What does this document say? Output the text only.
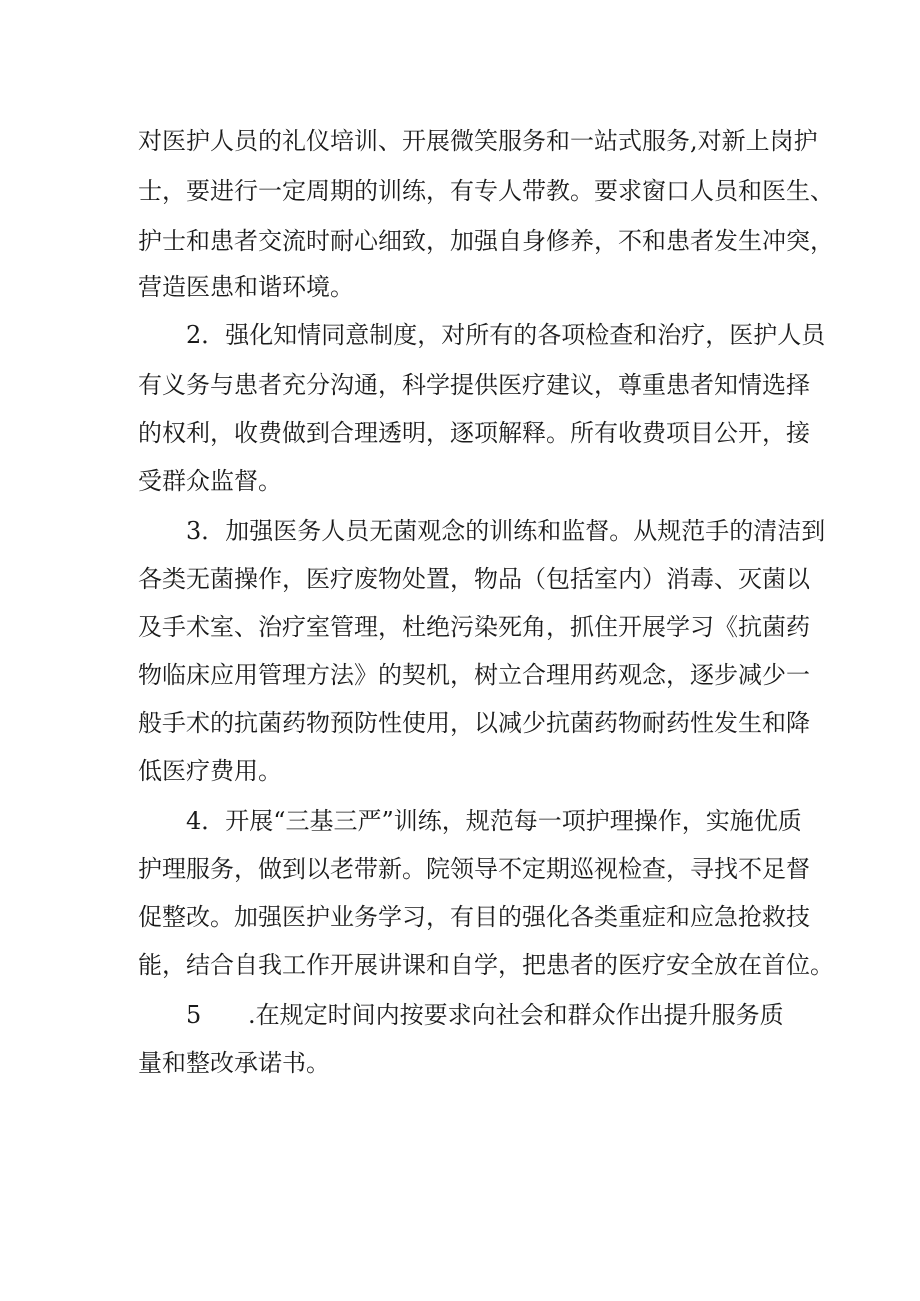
对医护人员的礼仪培训、开展微笑服务和一站式服务,对新上岗护
士，要进行一定周期的训练，有专人带教。要求窗口人员和医生、
护士和患者交流时耐心细致，加强自身修养，不和患者发生冲突，
营造医患和谐环境。
2．强化知情同意制度，对所有的各项检查和治疗，医护人员
有义务与患者充分沟通，科学提供医疗建议，尊重患者知情选择
的权利，收费做到合理透明，逐项解释。所有收费项目公开，接
受群众监督。
3．加强医务人员无菌观念的训练和监督。从规范手的清洁到
各类无菌操作，医疗废物处置，物品（包括室内）消毒、灭菌以
及手术室、治疗室管理，杜绝污染死角，抓住开展学习《抗菌药
物临床应用管理方法》的契机，树立合理用药观念，逐步减少一
般手术的抗菌药物预防性使用，以减少抗菌药物耐药性发生和降
低医疗费用。
4．开展“三基三严”训练，规范每一项护理操作，实施优质
护理服务，做到以老带新。院领导不定期巡视检查，寻找不足督
促整改。加强医护业务学习，有目的强化各类重症和应急抢救技
能，结合自我工作开展讲课和自学，把患者的医疗安全放在首位。
5 .在规定时间内按要求向社会和群众作出提升服务质
量和整改承诺书。
